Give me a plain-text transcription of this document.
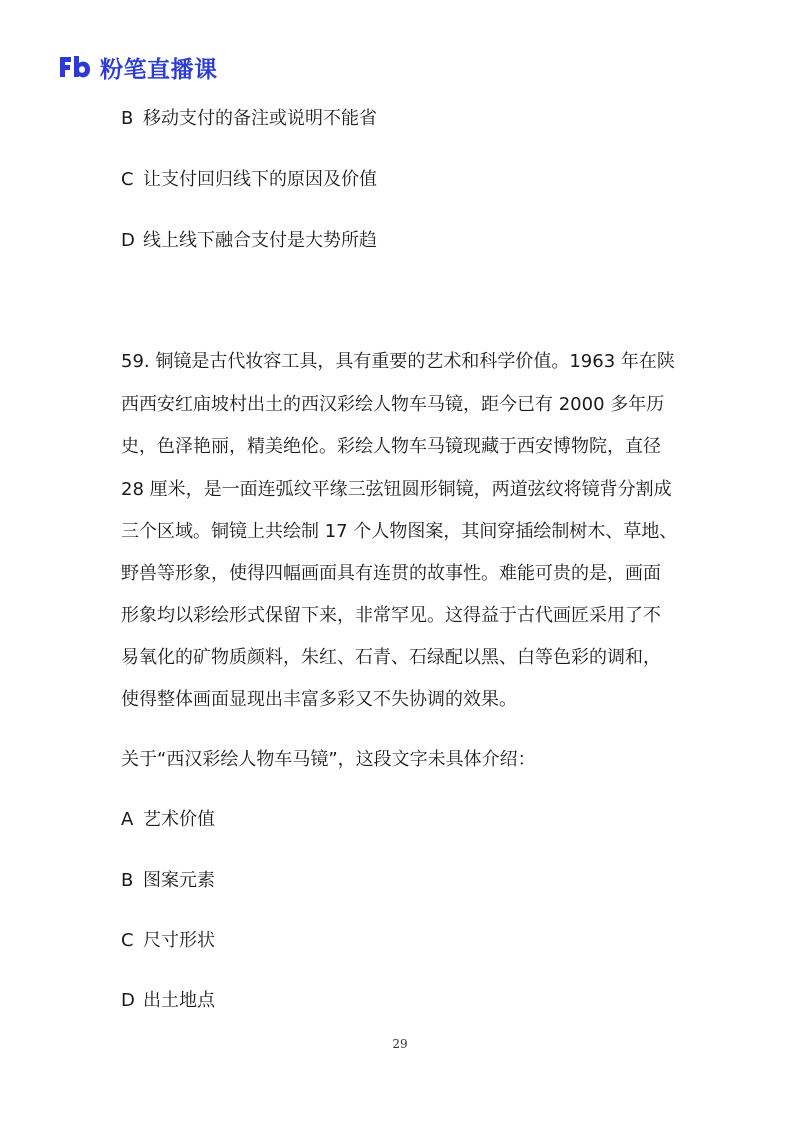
粉笔直播课
B 移动支付的备注或说明不能省
C 让支付回归线下的原因及价值
D 线上线下融合支付是大势所趋
59. 铜镜是古代妆容工具，具有重要的艺术和科学价值。1963 年在陕
西西安红庙坡村出土的西汉彩绘人物车马镜，距今已有 2000 多年历
史，色泽艳丽，精美绝伦。彩绘人物车马镜现藏于西安博物院，直径
28 厘米，是一面连弧纹平缘三弦钮圆形铜镜，两道弦纹将镜背分割成
三个区域。铜镜上共绘制 17 个人物图案，其间穿插绘制树木、草地、
野兽等形象，使得四幅画面具有连贯的故事性。难能可贵的是，画面
形象均以彩绘形式保留下来，非常罕见。这得益于古代画匠采用了不
易氧化的矿物质颜料，朱红、石青、石绿配以黑、白等色彩的调和，
使得整体画面显现出丰富多彩又不失协调的效果。
关于“西汉彩绘人物车马镜”，这段文字未具体介绍：
A 艺术价值
B 图案元素
C 尺寸形状
D 出土地点
29
